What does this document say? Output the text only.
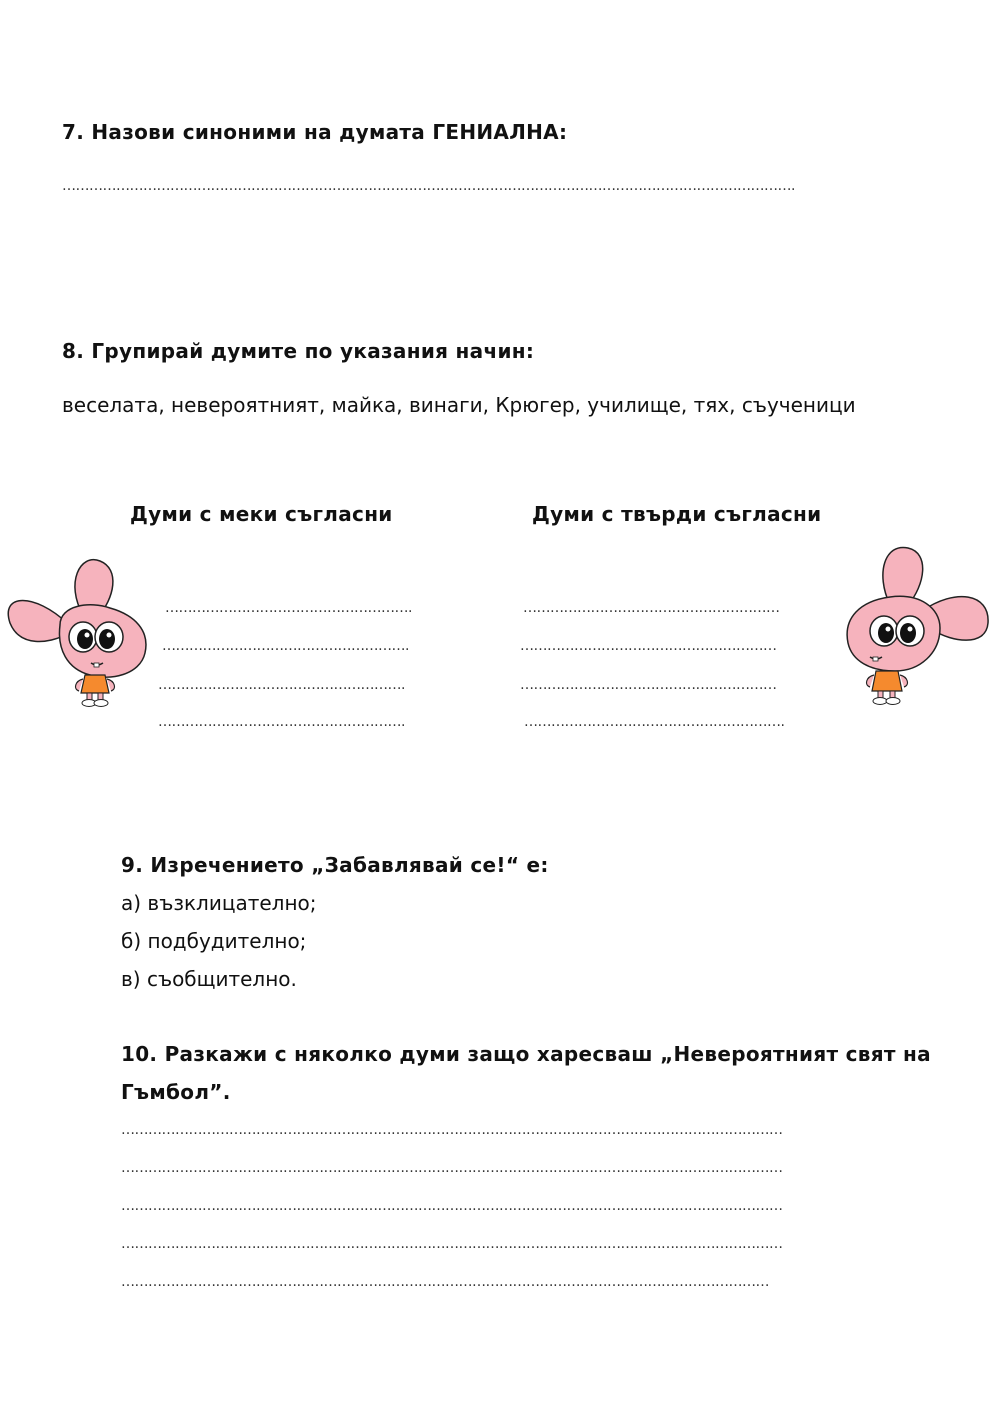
7. Назови синоними на думата ГЕНИАЛНА:
……………………………………………………………………………………………………………………………………………….
8. Групирай думите по указания начин:
веселата, невероятният, майка, винаги, Крюгер, училище, тях, съученици
Думи с меки съгласни	Думи с твърди съгласни
……………………………………………….
……………………………………………….
……………………………………………….
……………………………………………….
…………………………………………………
…………………………………………………
…………………………………………………
………………………………………………….
9. Изречението „Забавлявай се!“ е:
а) възклицателно;
б) подбудително;
в) съобщително.
10. Разкажи с няколко думи защо харесваш „Невероятният свят на
Гъмбол”.
…………………………………………………………………………………………………………………………………
…………………………………………………………………………………………………………………………………
…………………………………………………………………………………………………………………………………
…………………………………………………………………………………………………………………………………
………………………………………………………………………………………………………………………………
